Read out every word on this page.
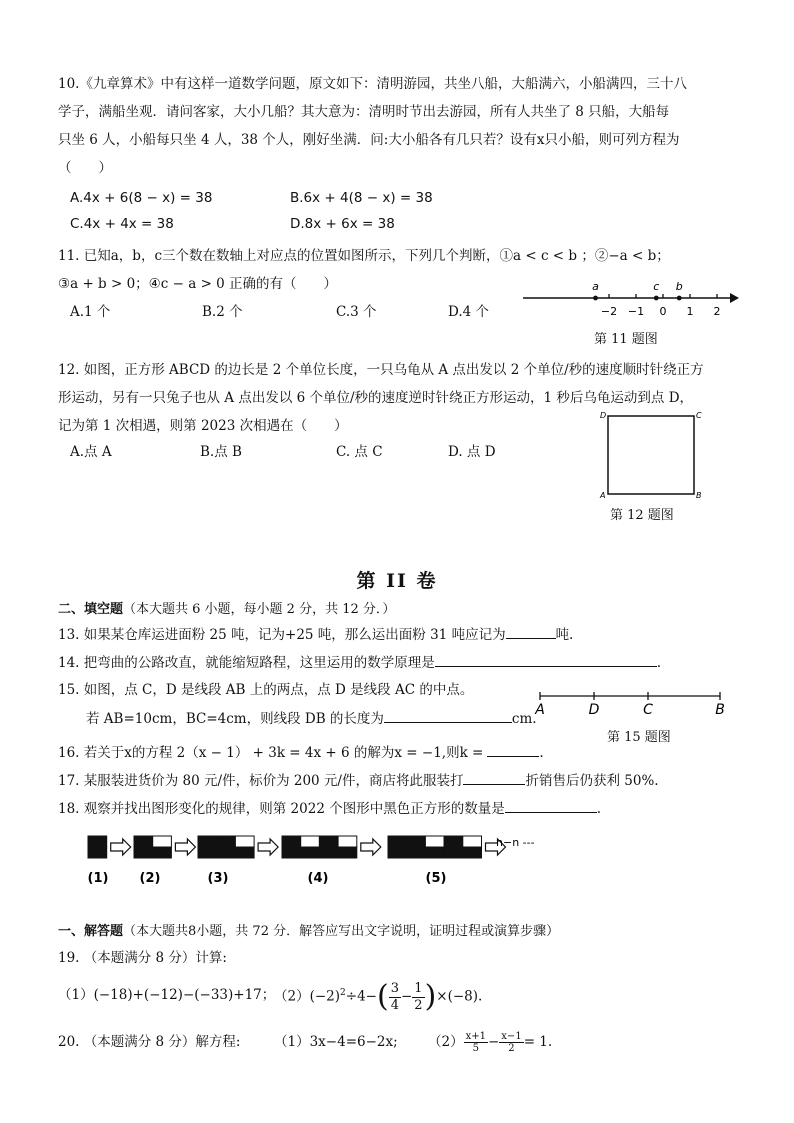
10.《九章算术》中有这样一道数学问题，原文如下：清明游园，共坐八船，大船满六，小船满四，三十八
学子，满船坐观．请问客家，大小几船？其大意为：清明时节出去游园，所有人共坐了 8 只船，大船每
只坐 6 人，小船每只坐 4 人，38 个人，刚好坐满．问:大小船各有几只若？设有x只小船，则可列方程为
（　　）
A.4x + 6(8 − x) = 38	B.6x + 4(8 − x) = 38
C.4x + 4x = 38	D.8x + 6x = 38
11. 已知a，b，c三个数在数轴上对应点的位置如图所示，下列几个判断，①a < c < b ；②−a < b；
③a + b > 0；④c − a > 0 正确的有（　　）
A.1 个	B.2 个	C.3 个	D.4 个	−2 −1 0 1 2
a	c b
第 11 题图
12. 如图，正方形 ABCD 的边长是 2 个单位长度，一只乌龟从 A 点出发以 2 个单位/秒的速度顺时针绕正方
形运动，另有一只兔子也从 A 点出发以 6 个单位/秒的速度逆时针绕正方形运动，1 秒后乌龟运动到点 D，
记为第 1 次相遇，则第 2023 次相遇在（　　）
A.点 A	B.点 B	C. 点 C	D. 点 D
D	C
A	B
第 12 题图
第 II 卷
二、填空题（本大题共 6 小题，每小题 2 分，共 12 分．）
13. 如果某仓库运进面粉 25 吨，记为+25 吨，那么运出面粉 31 吨应记为	吨.
14. 把弯曲的公路改直，就能缩短路程，这里运用的数学原理是	.
15. 如图，点 C，D 是线段 AB 上的两点，点 D 是线段 AC 的中点。
若 AB=10cm，BC=4cm，则线段 DB 的长度为	cm.
A	D	C	B
第 15 题图
16. 若关于x的方程 2（x − 1） + 3k = 4x + 6 的解为x = −1,则k =	.
17. 某服装进货价为 80 元/件，标价为 200 元/件，商店将此服装打	折销售后仍获利 50%.
18. 观察并找出图形变化的规律，则第 2022 个图形中黑色正方形的数量是	.
(1) (2)	(3)	(4)	(5)
n−n ---
一、解答题（本大题共8小题，共 72 分．解答应写出文字说明，证明过程或演算步骤）
19. （本题满分 8 分）计算:
（1）(−18)+(−12)−(−33)+17；
$(2)(-2)^2\div 4-( \frac{3}{4} - \frac{1}{2} )\times(-8)$.
20. （本题满分 8 分）解方程: （1）3x−4=6−2x; $(2) \frac{x+1}{5} - \frac{x-1}{2} = 1$.
